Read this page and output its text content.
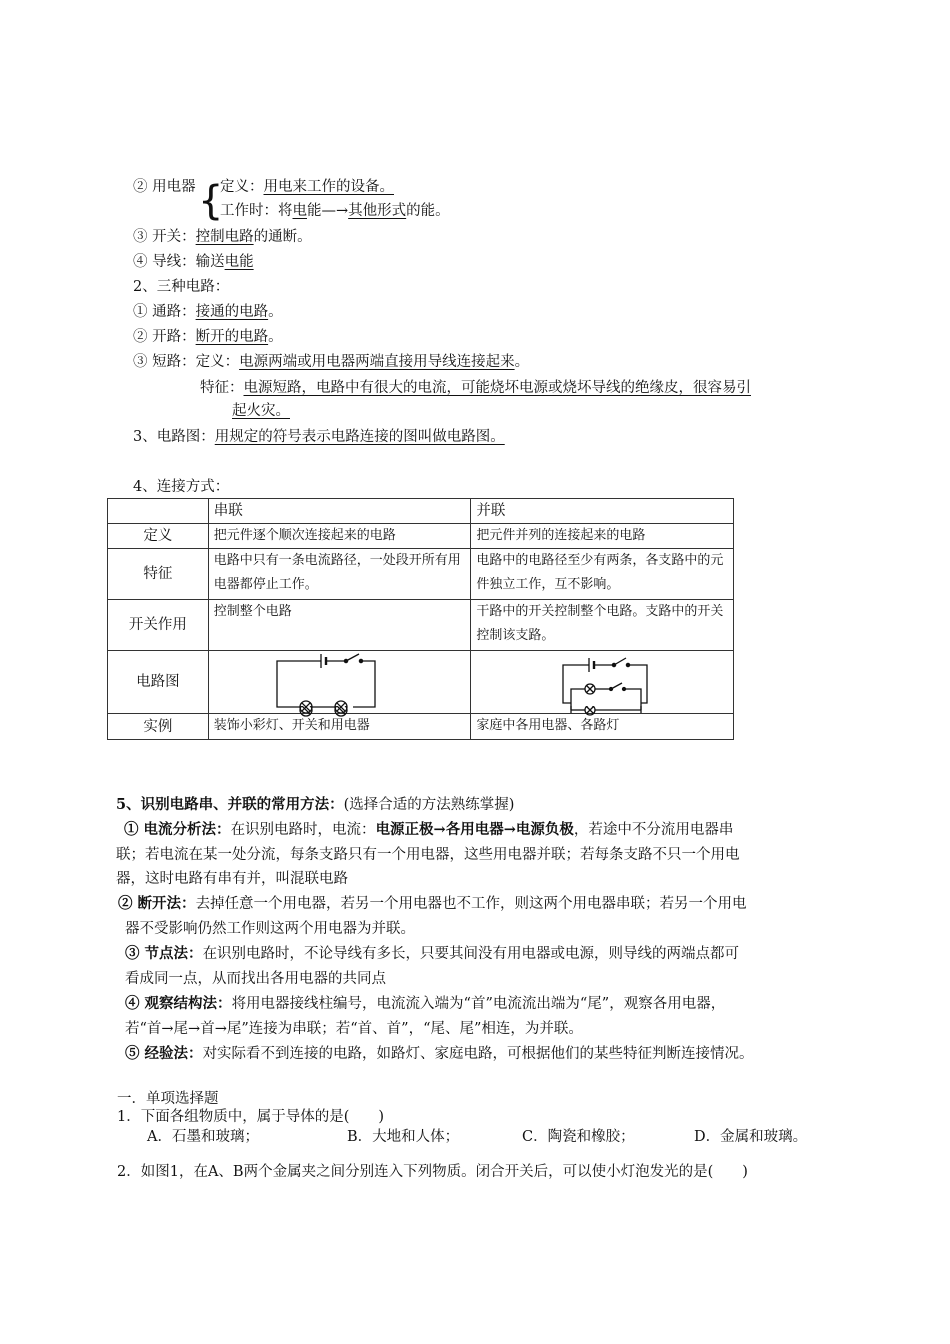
② 用电器 {
定义：用电来工作的设备。
工作时：将电能—→其他形式的能。
③ 开关：控制电路的通断。
④ 导线：输送电能
2、三种电路：
① 通路：接通的电路。
② 开路：断开的电路。
③ 短路：定义：电源两端或用电器两端直接用导线连接起来。
特征：电源短路，电路中有很大的电流，可能烧坏电源或烧坏导线的绝缘皮，很容易引
起火灾。
3、电路图：用规定的符号表示电路连接的图叫做电路图。
4、连接方式：
	串联	并联
定义	把元件逐个顺次连接起来的电路	把元件并列的连接起来的电路
特征	电路中只有一条电流路径，一处段开所有用电器都停止工作。	电路中的电路径至少有两条，各支路中的元件独立工作，互不影响。
开关作用	控制整个电路	干路中的开关控制整个电路。支路中的开关控制该支路。
电路图	

实例	装饰小彩灯、开关和用电器	家庭中各用电器、各路灯
5、识别电路串、并联的常用方法：(选择合适的方法熟练掌握)
① 电流分析法：在识别电路时，电流：电源正极→各用电器→电源负极，若途中不分流用电器串
联；若电流在某一处分流，每条支路只有一个用电器，这些用电器并联；若每条支路不只一个用电
器，这时电路有串有并，叫混联电路
② 断开法：去掉任意一个用电器，若另一个用电器也不工作，则这两个用电器串联；若另一个用电
器不受影响仍然工作则这两个用电器为并联。
③ 节点法：在识别电路时，不论导线有多长，只要其间没有用电器或电源，则导线的两端点都可
看成同一点，从而找出各用电器的共同点
④ 观察结构法：将用电器接线柱编号，电流流入端为“首”电流流出端为“尾”，观察各用电器，
若“首→尾→首→尾”连接为串联；若“首、首”，“尾、尾”相连，为并联。
⑤ 经验法：对实际看不到连接的电路，如路灯、家庭电路，可根据他们的某些特征判断连接情况。
一．单项选择题
1．下面各组物质中，属于导体的是(　　)
A．石墨和玻璃；	B．大地和人体；	C．陶瓷和橡胶；	D．金属和玻璃。
2．如图1，在A、B两个金属夹之间分别连入下列物质。闭合开关后，可以使小灯泡发光的是(　　)
